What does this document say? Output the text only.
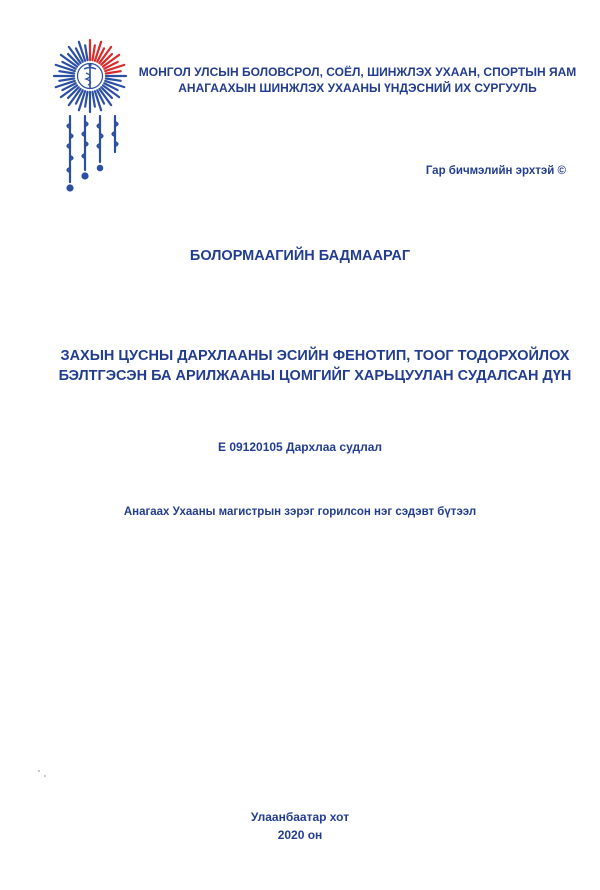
МОНГОЛ УЛСЫН БОЛОВСРОЛ, СОЁЛ, ШИНЖЛЭХ УХААН, СПОРТЫН ЯАМ
АНАГААХЫН ШИНЖЛЭХ УХААНЫ ҮНДЭСНИЙ ИХ СУРГУУЛЬ
Гар бичмэлийн эрхтэй ©
БОЛОРМААГИЙН БАДМААРАГ
ЗАХЫН ЦУСНЫ ДАРХЛААНЫ ЭСИЙН ФЕНОТИП, ТООГ ТОДОРХОЙЛОХ
БЭЛТГЭСЭН БА АРИЛЖААНЫ ЦОМГИЙГ ХАРЬЦУУЛАН СУДАЛСАН ДҮН
E 09120105 Дархлаа судлал
Анагаах Ухааны магистрын зэрэг горилсон нэг сэдэвт бүтээл
Улаанбаатар хот
2020 он
